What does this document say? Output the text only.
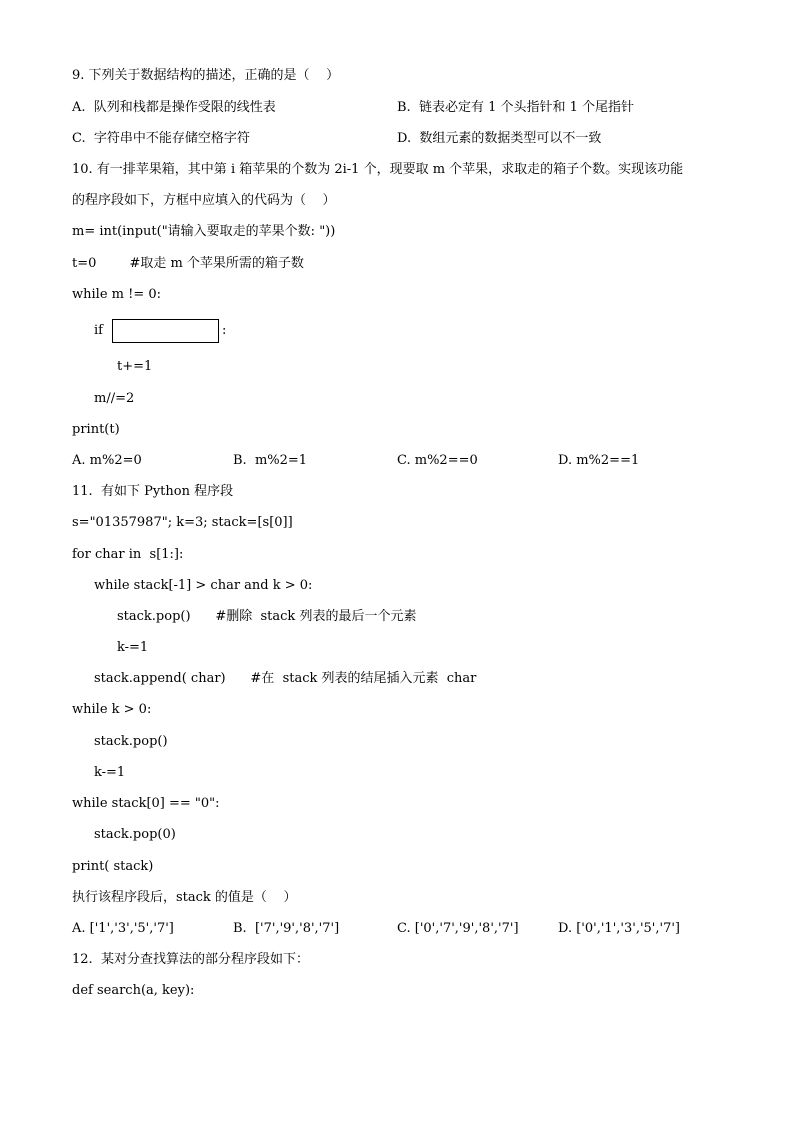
9. 下列关于数据结构的描述，正确的是（    ）
A.  队列和栈都是操作受限的线性表	B.  链表必定有 1 个头指针和 1 个尾指针
C.  字符串中不能存储空格字符	D.  数组元素的数据类型可以不一致
10. 有一排苹果箱，其中第 i 箱苹果的个数为 2i-1 个，现要取 m 个苹果，求取走的箱子个数。实现该功能
的程序段如下，方框中应填入的代码为（    ）
m= int(input("请输入要取走的苹果个数: "))
t=0        #取走 m 个苹果所需的箱子数
while m != 0:
if	:
t+=1
m//=2
print(t)
A. m%2=0	B.  m%2=1	C. m%2==0	D. m%2==1
11.  有如下 Python 程序段
s="01357987"; k=3; stack=[s[0]]
for char in  s[1:]:
while stack[-1] > char and k > 0:
stack.pop()      #删除  stack 列表的最后一个元素
k-=1
stack.append( char)      #在  stack 列表的结尾插入元素  char
while k > 0:
stack.pop()
k-=1
while stack[0] == "0":
stack.pop(0)
print( stack)
执行该程序段后，stack 的值是（    ）
A. ['1','3','5','7']	B.  ['7','9','8','7']	C. ['0','7','9','8','7']	D. ['0','1','3','5','7']
12.  某对分查找算法的部分程序段如下：
def search(a, key):
